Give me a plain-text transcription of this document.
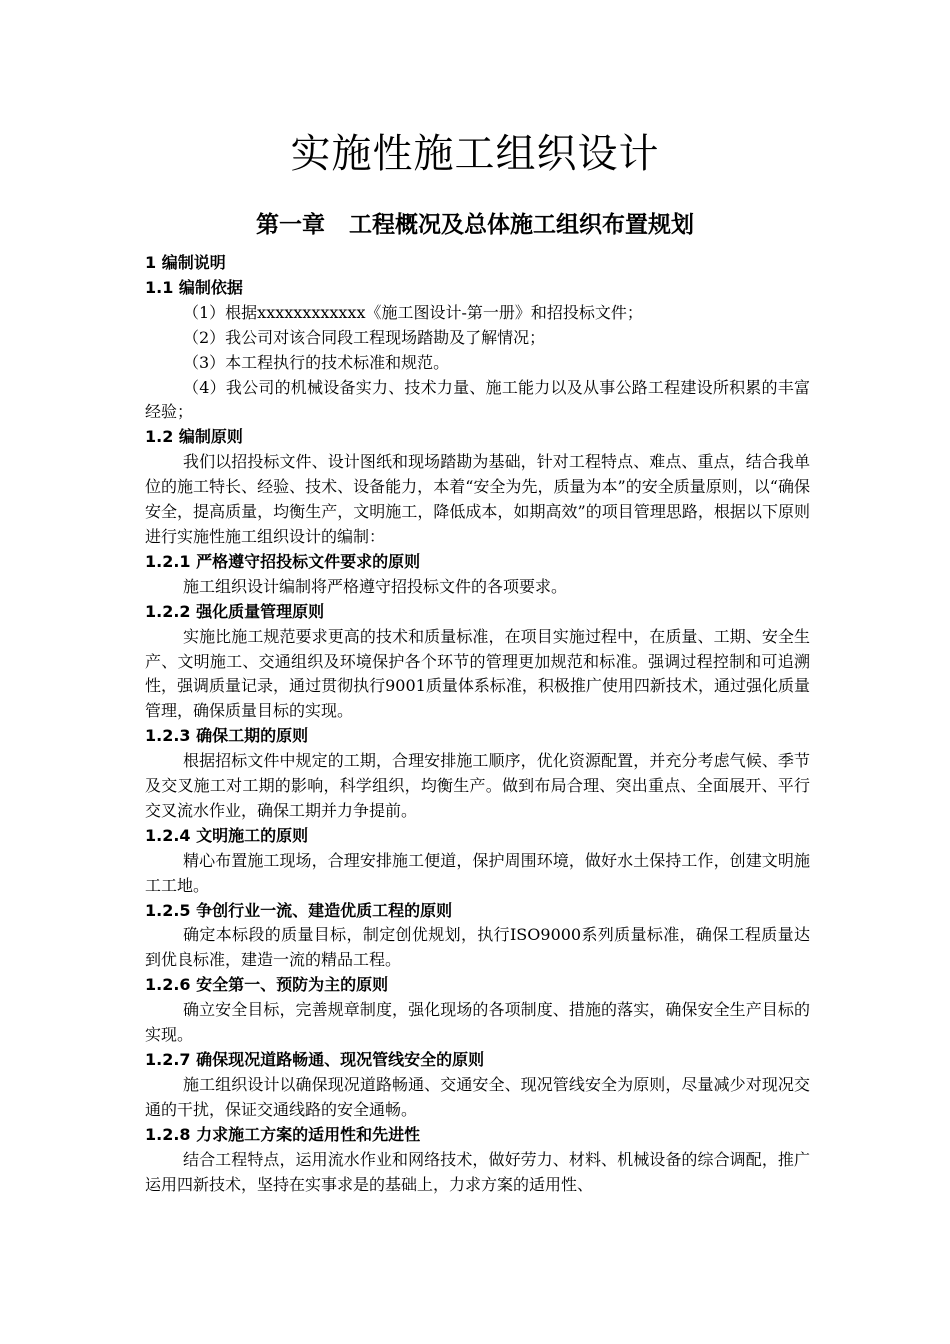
实施性施工组织设计
第一章   工程概况及总体施工组织布置规划

1 编制说明

1.1 编制依据

（1）根据xxxxxxxxxxxx《施工图设计-第一册》和招投标文件；

（2）我公司对该合同段工程现场踏勘及了解情况；

（3）本工程执行的技术标准和规范。

（4）我公司的机械设备实力、技术力量、施工能力以及从事公路工程建设所积累的丰富经验；

1.2 编制原则

我们以招投标文件、设计图纸和现场踏勘为基础，针对工程特点、难点、重点，结合我单位的施工特长、经验、技术、设备能力，本着“安全为先，质量为本”的安全质量原则，以“确保安全，提高质量，均衡生产，文明施工，降低成本，如期高效”的项目管理思路，根据以下原则进行实施性施工组织设计的编制：

1.2.1 严格遵守招投标文件要求的原则

施工组织设计编制将严格遵守招投标文件的各项要求。

1.2.2 强化质量管理原则

实施比施工规范要求更高的技术和质量标准，在项目实施过程中，在质量、工期、安全生产、文明施工、交通组织及环境保护各个环节的管理更加规范和标准。强调过程控制和可追溯性，强调质量记录，通过贯彻执行9001质量体系标准，积极推广使用四新技术，通过强化质量管理，确保质量目标的实现。

1.2.3 确保工期的原则

根据招标文件中规定的工期，合理安排施工顺序，优化资源配置，并充分考虑气候、季节及交叉施工对工期的影响，科学组织，均衡生产。做到布局合理、突出重点、全面展开、平行交叉流水作业，确保工期并力争提前。

1.2.4 文明施工的原则

精心布置施工现场，合理安排施工便道，保护周围环境，做好水土保持工作，创建文明施工工地。

1.2.5 争创行业一流、建造优质工程的原则

确定本标段的质量目标，制定创优规划，执行ISO9000系列质量标准，确保工程质量达到优良标准，建造一流的精品工程。

1.2.6 安全第一、预防为主的原则

确立安全目标，完善规章制度，强化现场的各项制度、措施的落实，确保安全生产目标的实现。

1.2.7 确保现况道路畅通、现况管线安全的原则

施工组织设计以确保现况道路畅通、交通安全、现况管线安全为原则，尽量减少对现况交通的干扰，保证交通线路的安全通畅。

1.2.8 力求施工方案的适用性和先进性

结合工程特点，运用流水作业和网络技术，做好劳力、材料、机械设备的综合调配，推广运用四新技术，坚持在实事求是的基础上，力求方案的适用性、
